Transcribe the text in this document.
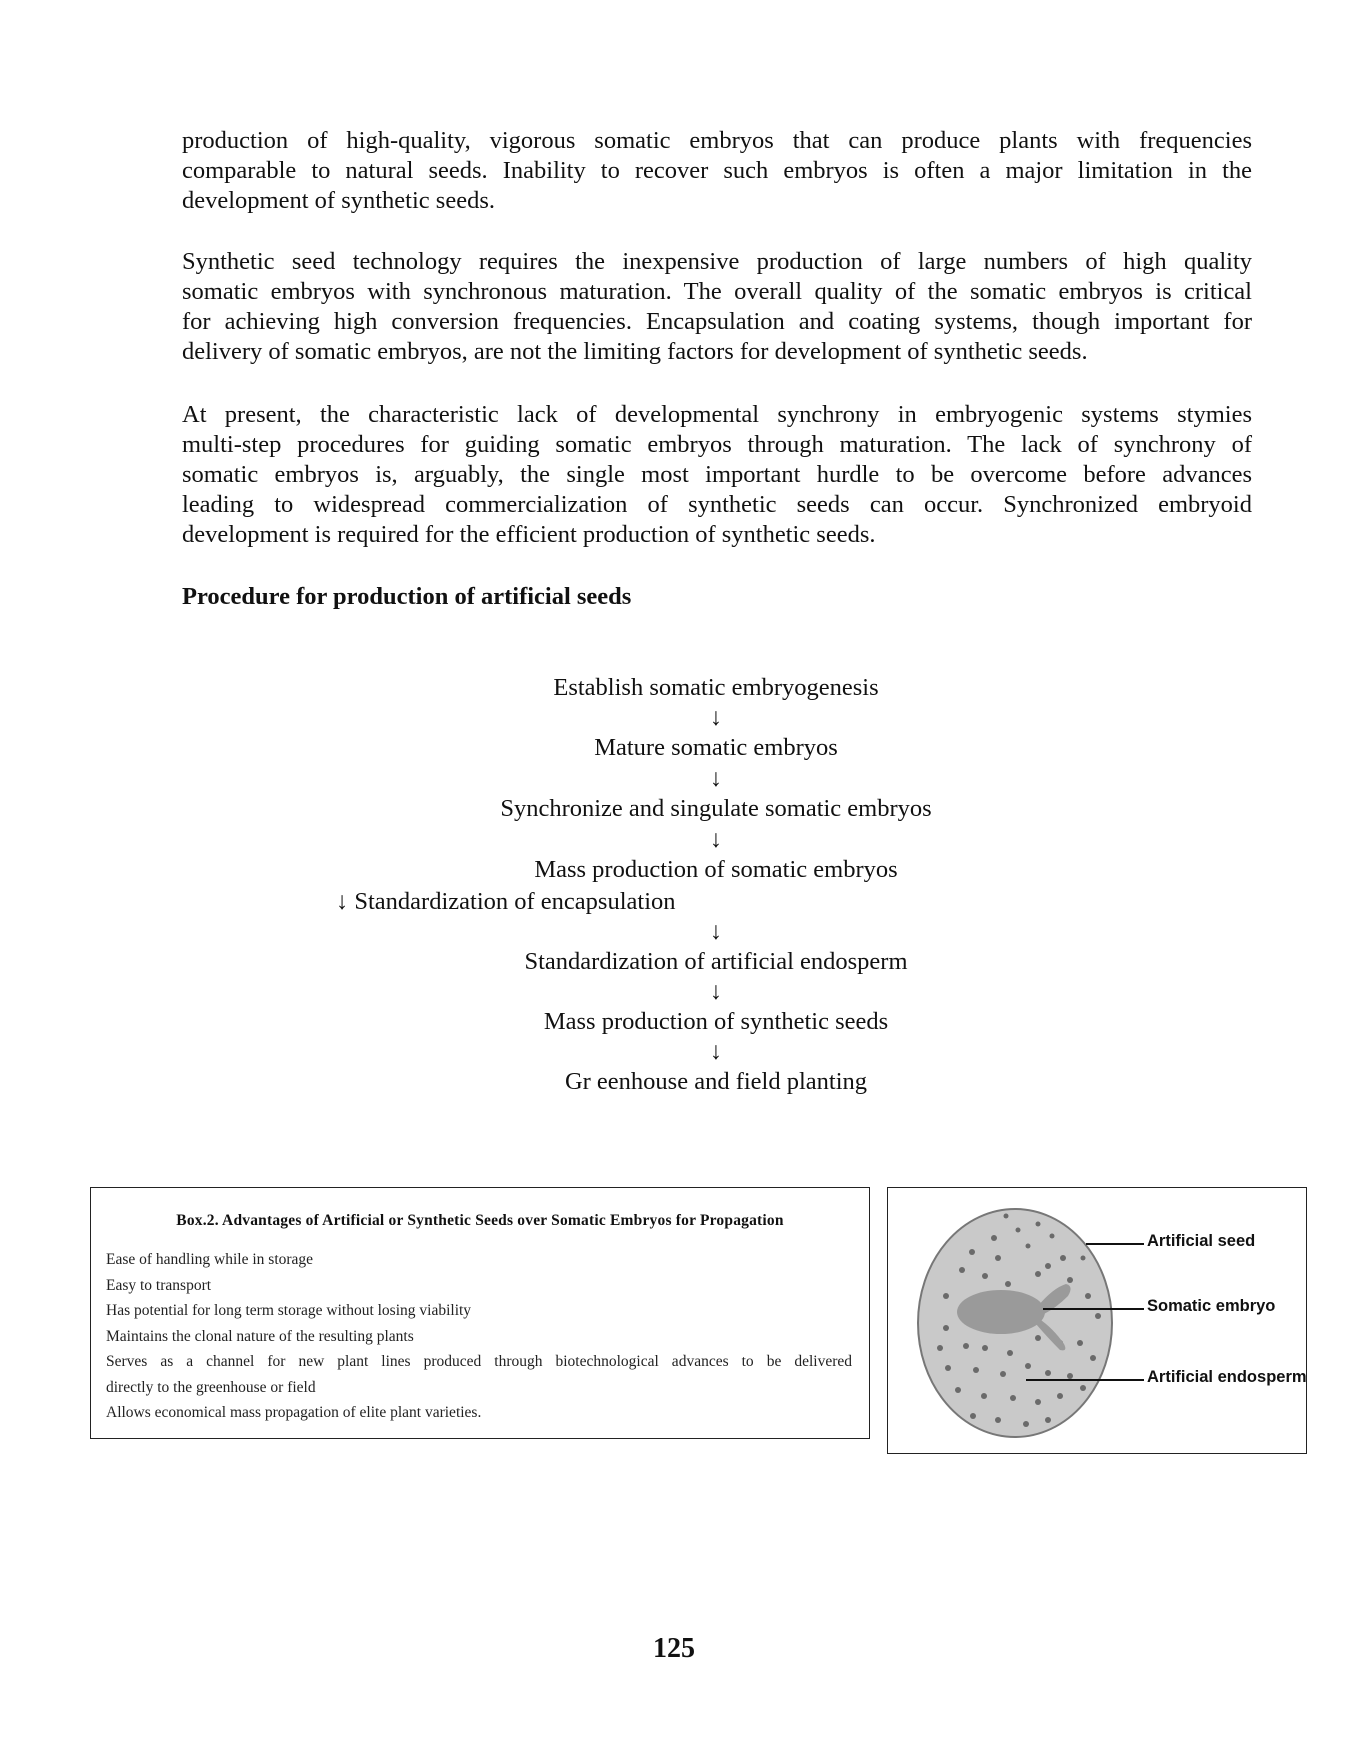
production of high-quality, vigorous somatic embryos that can produce plants with frequencies
comparable to natural seeds. Inability to recover such embryos is often a major limitation in the
development of synthetic seeds.
Synthetic seed technology requires the inexpensive production of large numbers of high quality
somatic embryos with synchronous maturation. The overall quality of the somatic embryos is critical
for achieving high conversion frequencies. Encapsulation and coating systems, though important for
delivery of somatic embryos, are not the limiting factors for development of synthetic seeds.
At present, the characteristic lack of developmental synchrony in embryogenic systems stymies
multi-step procedures for guiding somatic embryos through maturation. The lack of synchrony of
somatic embryos is, arguably, the single most important hurdle to be overcome before advances
leading to widespread commercialization of synthetic seeds can occur. Synchronized embryoid
development is required for the efficient production of synthetic seeds.
Procedure for production of artificial seeds
Establish somatic embryogenesis
↓
Mature somatic embryos
↓
Synchronize and singulate somatic embryos
↓
Mass production of somatic embryos
↓ Standardization of encapsulation
↓
Standardization of artificial endosperm
↓
Mass production of synthetic seeds
↓
Gr eenhouse and field planting
Box.2. Advantages of Artificial or Synthetic Seeds over Somatic Embryos for Propagation
Ease of handling while in storage
Easy to transport
Has potential for long term storage without losing viability
Maintains the clonal nature of the resulting plants
Serves as a channel for new plant lines produced through biotechnological advances to be delivered
directly to the greenhouse or field
Allows economical mass propagation of elite plant varieties.
Artificial seed
Somatic embryo
Artificial endosperm
125
